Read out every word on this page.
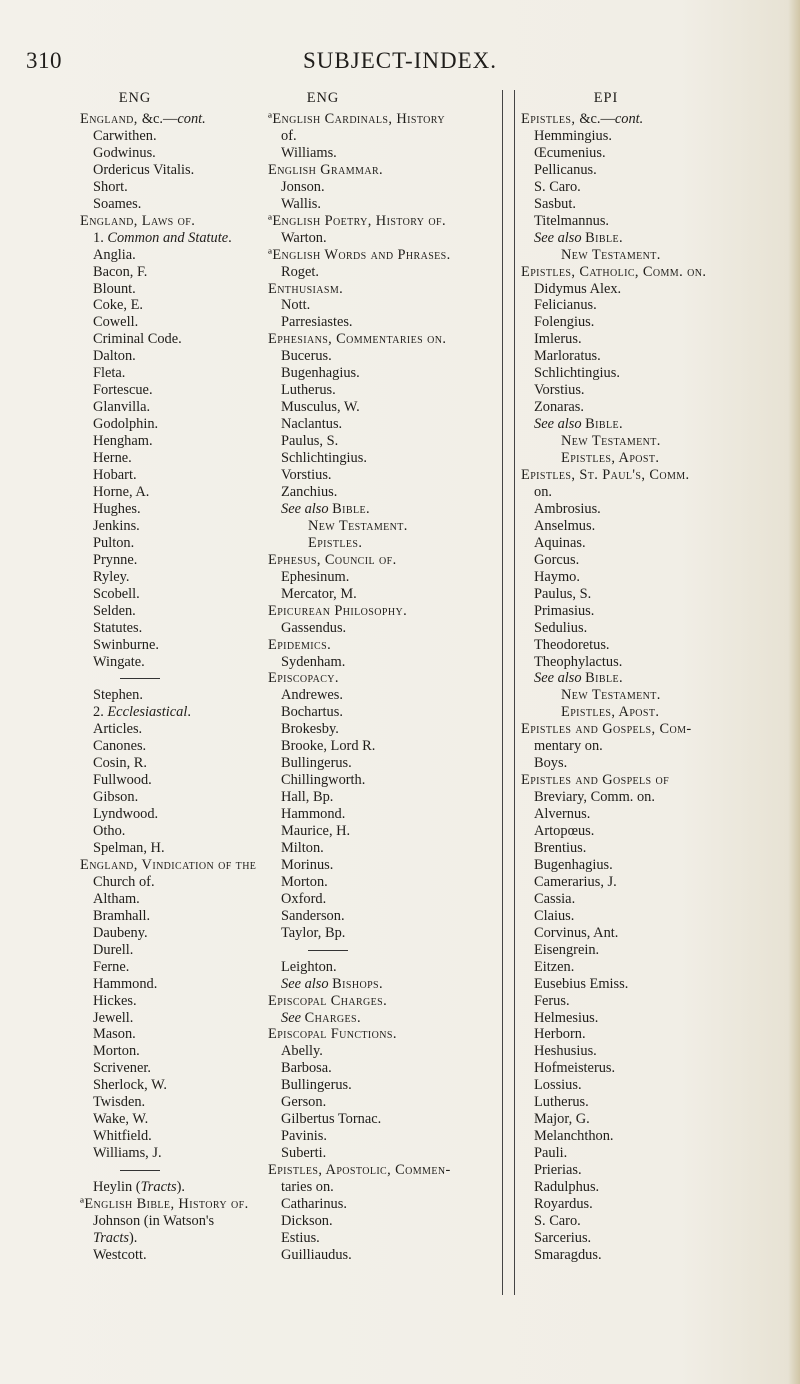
310	SUBJECT-INDEX.
ENG
England, &c.—cont.
Carwithen.
Godwinus.
Ordericus Vitalis.
Short.
Soames.
England, Laws of.
1. Common and Statute.
Anglia.
Bacon, F.
Blount.
Coke, E.
Cowell.
Criminal Code.
Dalton.
Fleta.
Fortescue.
Glanvilla.
Godolphin.
Hengham.
Herne.
Hobart.
Horne, A.
Hughes.
Jenkins.
Pulton.
Prynne.
Ryley.
Scobell.
Selden.
Statutes.
Swinburne.
Wingate.
Stephen.
2. Ecclesiastical.
Articles.
Canones.
Cosin, R.
Fullwood.
Gibson.
Lyndwood.
Otho.
Spelman, H.
England, Vindication of the
Church of.
Altham.
Bramhall.
Daubeny.
Durell.
Ferne.
Hammond.
Hickes.
Jewell.
Mason.
Morton.
Scrivener.
Sherlock, W.
Twisden.
Wake, W.
Whitfield.
Williams, J.
Heylin (Tracts).
ªEnglish Bible, History of.
Johnson (in Watson's
Tracts).
Westcott.
ENG
ªEnglish Cardinals, History
of.
Williams.
English Grammar.
Jonson.
Wallis.
ªEnglish Poetry, History of.
Warton.
ªEnglish Words and Phrases.
Roget.
Enthusiasm.
Nott.
Parresiastes.
Ephesians, Commentaries on.
Bucerus.
Bugenhagius.
Lutherus.
Musculus, W.
Naclantus.
Paulus, S.
Schlichtingius.
Vorstius.
Zanchius.
See also Bible.
New Testament.
Epistles.
Ephesus, Council of.
Ephesinum.
Mercator, M.
Epicurean Philosophy.
Gassendus.
Epidemics.
Sydenham.
Episcopacy.
Andrewes.
Bochartus.
Brokesby.
Brooke, Lord R.
Bullingerus.
Chillingworth.
Hall, Bp.
Hammond.
Maurice, H.
Milton.
Morinus.
Morton.
Oxford.
Sanderson.
Taylor, Bp.
Leighton.
See also Bishops.
Episcopal Charges.
See Charges.
Episcopal Functions.
Abelly.
Barbosa.
Bullingerus.
Gerson.
Gilbertus Tornac.
Pavinis.
Suberti.
Epistles, Apostolic, Commen-
taries on.
Catharinus.
Dickson.
Estius.
Guilliaudus.
EPI
Epistles, &c.—cont.
Hemmingius.
Œcumenius.
Pellicanus.
S. Caro.
Sasbut.
Titelmannus.
See also Bible.
New Testament.
Epistles, Catholic, Comm. on.
Didymus Alex.
Felicianus.
Folengius.
Imlerus.
Marloratus.
Schlichtingius.
Vorstius.
Zonaras.
See also Bible.
New Testament.
Epistles, Apost.
Epistles, St. Paul's, Comm.
on.
Ambrosius.
Anselmus.
Aquinas.
Gorcus.
Haymo.
Paulus, S.
Primasius.
Sedulius.
Theodoretus.
Theophylactus.
See also Bible.
New Testament.
Epistles, Apost.
Epistles and Gospels, Com-
mentary on.
Boys.
Epistles and Gospels of
Breviary, Comm. on.
Alvernus.
Artopœus.
Brentius.
Bugenhagius.
Camerarius, J.
Cassia.
Claius.
Corvinus, Ant.
Eisengrein.
Eitzen.
Eusebius Emiss.
Ferus.
Helmesius.
Herborn.
Heshusius.
Hofmeisterus.
Lossius.
Lutherus.
Major, G.
Melanchthon.
Pauli.
Prierias.
Radulphus.
Royardus.
S. Caro.
Sarcerius.
Smaragdus.
